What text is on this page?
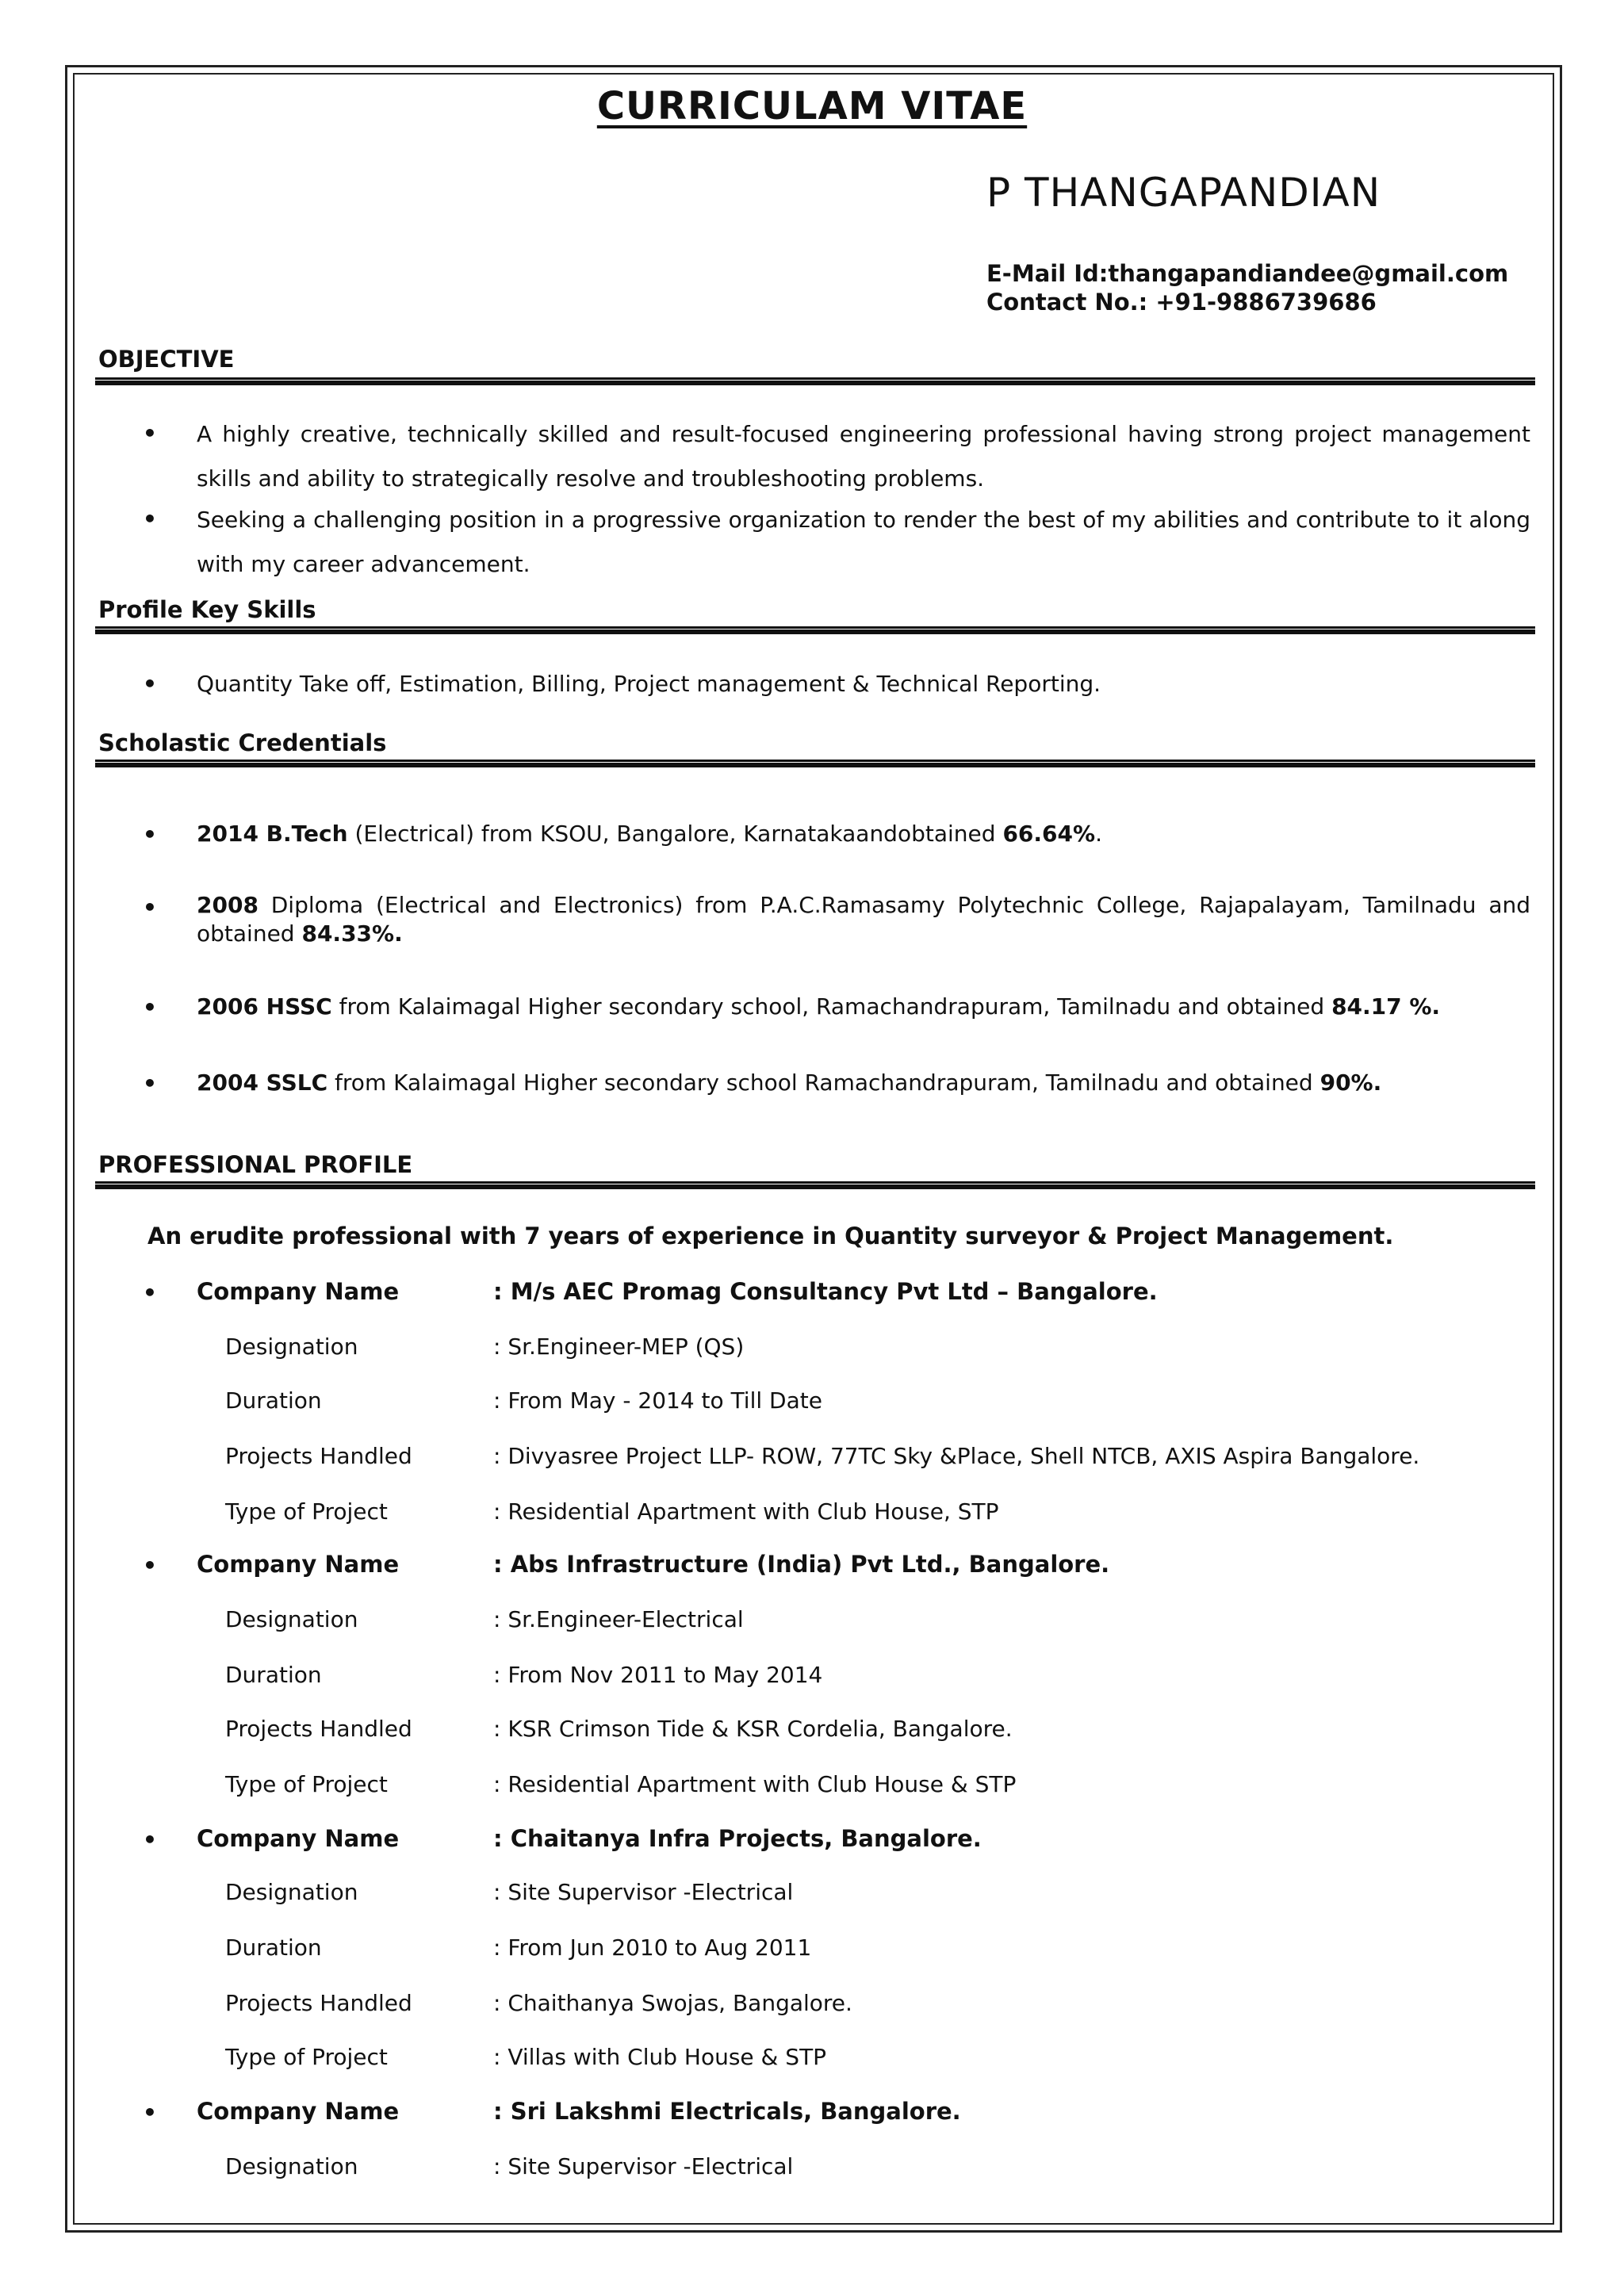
CURRICULAM VITAE
P THANGAPANDIAN
E-Mail Id:thangapandiandee@gmail.com
Contact No.: +91-9886739686
OBJECTIVE
• A highly creative, technically skilled and result-focused engineering professional having strong project management skills and ability to strategically resolve and troubleshooting problems.
• Seeking a challenging position in a progressive organization to render the best of my abilities and contribute to it along with my career advancement.
Profile Key Skills
• Quantity Take off, Estimation, Billing, Project management & Technical Reporting.
Scholastic Credentials
• 2014 B.Tech (Electrical) from KSOU, Bangalore, Karnatakaandobtained 66.64%.
• 2008 Diploma (Electrical and Electronics) from P.A.C.Ramasamy Polytechnic College, Rajapalayam, Tamilnadu and obtained 84.33%.
• 2006 HSSC from Kalaimagal Higher secondary school, Ramachandrapuram, Tamilnadu and obtained 84.17 %.
• 2004 SSLC from Kalaimagal Higher secondary school Ramachandrapuram, Tamilnadu and obtained 90%.
PROFESSIONAL PROFILE
An erudite professional with 7 years of experience in Quantity surveyor & Project Management.
• Company Name	: M/s AEC Promag Consultancy Pvt Ltd – Bangalore.
Designation	: Sr.Engineer-MEP (QS)
Duration	: From May - 2014 to Till Date
Projects Handled	: Divyasree Project LLP- ROW, 77TC Sky &Place, Shell NTCB, AXIS Aspira Bangalore.
Type of Project	: Residential Apartment with Club House, STP
• Company Name	: Abs Infrastructure (India) Pvt Ltd., Bangalore.
Designation	: Sr.Engineer-Electrical
Duration	: From Nov 2011 to May 2014
Projects Handled	: KSR Crimson Tide & KSR Cordelia, Bangalore.
Type of Project	: Residential Apartment with Club House & STP
• Company Name	: Chaitanya Infra Projects, Bangalore.
Designation	: Site Supervisor -Electrical
Duration	: From Jun 2010 to Aug 2011
Projects Handled	: Chaithanya Swojas, Bangalore.
Type of Project	: Villas with Club House & STP
• Company Name	: Sri Lakshmi Electricals, Bangalore.
Designation	: Site Supervisor -Electrical
